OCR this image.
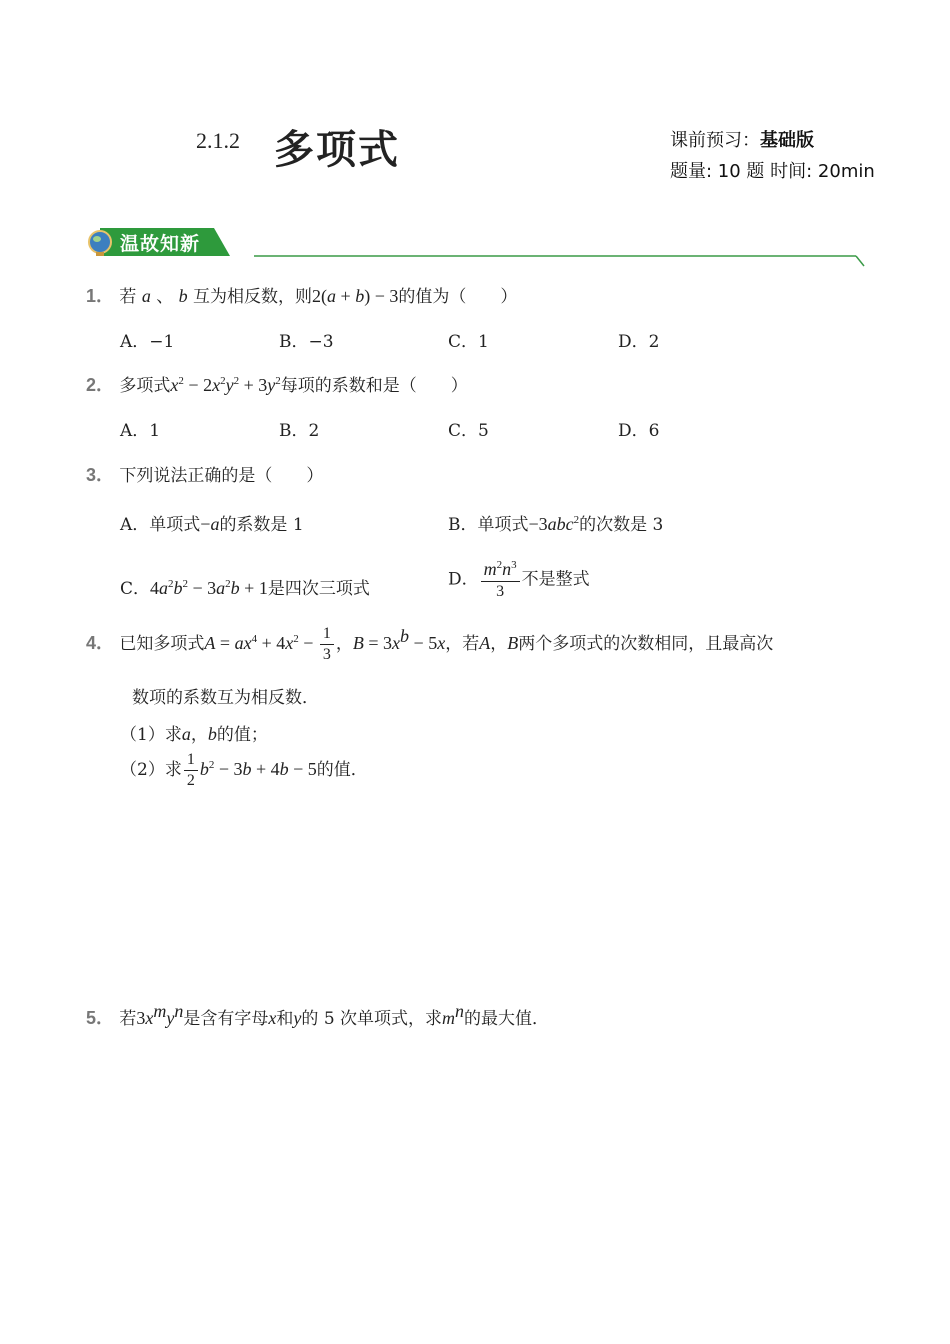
2.1.2 多项式	课前预习：基础版
题量: 10 题 时间: 20min
温故知新
1． 若 a 、 b 互为相反数，则2(a + b) − 3的值为（　　）
A．−1	B．−3	C．1	D．2
2． 多项式$x^2 - 2x^2y^2 + 3y^2$每项的系数和是（　　）
A．1	B．2	C．5	D．6
3． 下列说法正确的是（　　）
A．单项式−a的系数是 1	B．单项式−3abc$^2$的次数是 3
C．$4a^2b^2 - 3a^2b + 1$是四次三项式	D． $\frac{m^2n^3}{3}$ 不是整式
4． 已知多项式$A = ax^4 + 4x^2 - \frac{1}{3}$ ，$B = 3x^b - 5x$，若A，B两个多项式的次数相同，且最高次
数项的系数互为相反数．
（1）求a，b的值；
（2）求 $\frac{1}{2} b^2 - 3b + 4b - 5$的值．
5． 若$3x^my^n$是含有字母x和y的 5 次单项式，求$m^n$的最大值．
